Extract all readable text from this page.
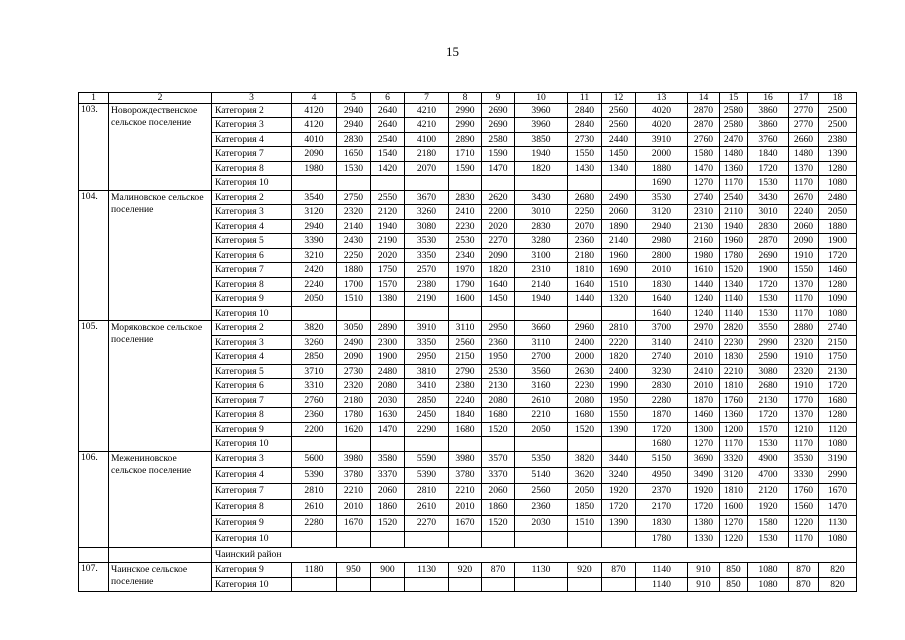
15
1	2	3	4	5	6	7	8	9	10	11	12	13	14	15	16	17	18
103.	Новорождественское сельское поселение	Категория 2	4120	2940	2640	4210	2990	2690	3960	2840	2560	4020	2870	2580	3860	2770	2500
		Категория 3	4120	2940	2640	4210	2990	2690	3960	2840	2560	4020	2870	2580	3860	2770	2500
		Категория 4	4010	2830	2540	4100	2890	2580	3850	2730	2440	3910	2760	2470	3760	2660	2380
		Категория 7	2090	1650	1540	2180	1710	1590	1940	1550	1450	2000	1580	1480	1840	1480	1390
		Категория 8	1980	1530	1420	2070	1590	1470	1820	1430	1340	1880	1470	1360	1720	1370	1280
		Категория 10										1690	1270	1170	1530	1170	1080
104.	Малиновское сельское поселение	Категория 2	3540	2750	2550	3670	2830	2620	3430	2680	2490	3530	2740	2540	3430	2670	2480
		Категория 3	3120	2320	2120	3260	2410	2200	3010	2250	2060	3120	2310	2110	3010	2240	2050
		Категория 4	2940	2140	1940	3080	2230	2020	2830	2070	1890	2940	2130	1940	2830	2060	1880
		Категория 5	3390	2430	2190	3530	2530	2270	3280	2360	2140	2980	2160	1960	2870	2090	1900
		Категория 6	3210	2250	2020	3350	2340	2090	3100	2180	1960	2800	1980	1780	2690	1910	1720
		Категория 7	2420	1880	1750	2570	1970	1820	2310	1810	1690	2010	1610	1520	1900	1550	1460
		Категория 8	2240	1700	1570	2380	1790	1640	2140	1640	1510	1830	1440	1340	1720	1370	1280
		Категория 9	2050	1510	1380	2190	1600	1450	1940	1440	1320	1640	1240	1140	1530	1170	1090
		Категория 10										1640	1240	1140	1530	1170	1080
105.	Моряковское сельское поселение	Категория 2	3820	3050	2890	3910	3110	2950	3660	2960	2810	3700	2970	2820	3550	2880	2740
		Категория 3	3260	2490	2300	3350	2560	2360	3110	2400	2220	3140	2410	2230	2990	2320	2150
		Категория 4	2850	2090	1900	2950	2150	1950	2700	2000	1820	2740	2010	1830	2590	1910	1750
		Категория 5	3710	2730	2480	3810	2790	2530	3560	2630	2400	3230	2410	2210	3080	2320	2130
		Категория 6	3310	2320	2080	3410	2380	2130	3160	2230	1990	2830	2010	1810	2680	1910	1720
		Категория 7	2760	2180	2030	2850	2240	2080	2610	2080	1950	2280	1870	1760	2130	1770	1680
		Категория 8	2360	1780	1630	2450	1840	1680	2210	1680	1550	1870	1460	1360	1720	1370	1280
		Категория 9	2200	1620	1470	2290	1680	1520	2050	1520	1390	1720	1300	1200	1570	1210	1120
		Категория 10										1680	1270	1170	1530	1170	1080
106.	Межениновское сельское поселение	Категория 3	5600	3980	3580	5590	3980	3570	5350	3820	3440	5150	3690	3320	4900	3530	3190
		Категория 4	5390	3780	3370	5390	3780	3370	5140	3620	3240	4950	3490	3120	4700	3330	2990
		Категория 7	2810	2210	2060	2810	2210	2060	2560	2050	1920	2370	1920	1810	2120	1760	1670
		Категория 8	2610	2010	1860	2610	2010	1860	2360	1850	1720	2170	1720	1600	1920	1560	1470
		Категория 9	2280	1670	1520	2270	1670	1520	2030	1510	1390	1830	1380	1270	1580	1220	1130
		Категория 10										1780	1330	1220	1530	1170	1080
		Чаинский район															
107.	Чаинское сельское поселение	Категория 9	1180	950	900	1130	920	870	1130	920	870	1140	910	850	1080	870	820
		Категория 10										1140	910	850	1080	870	820
